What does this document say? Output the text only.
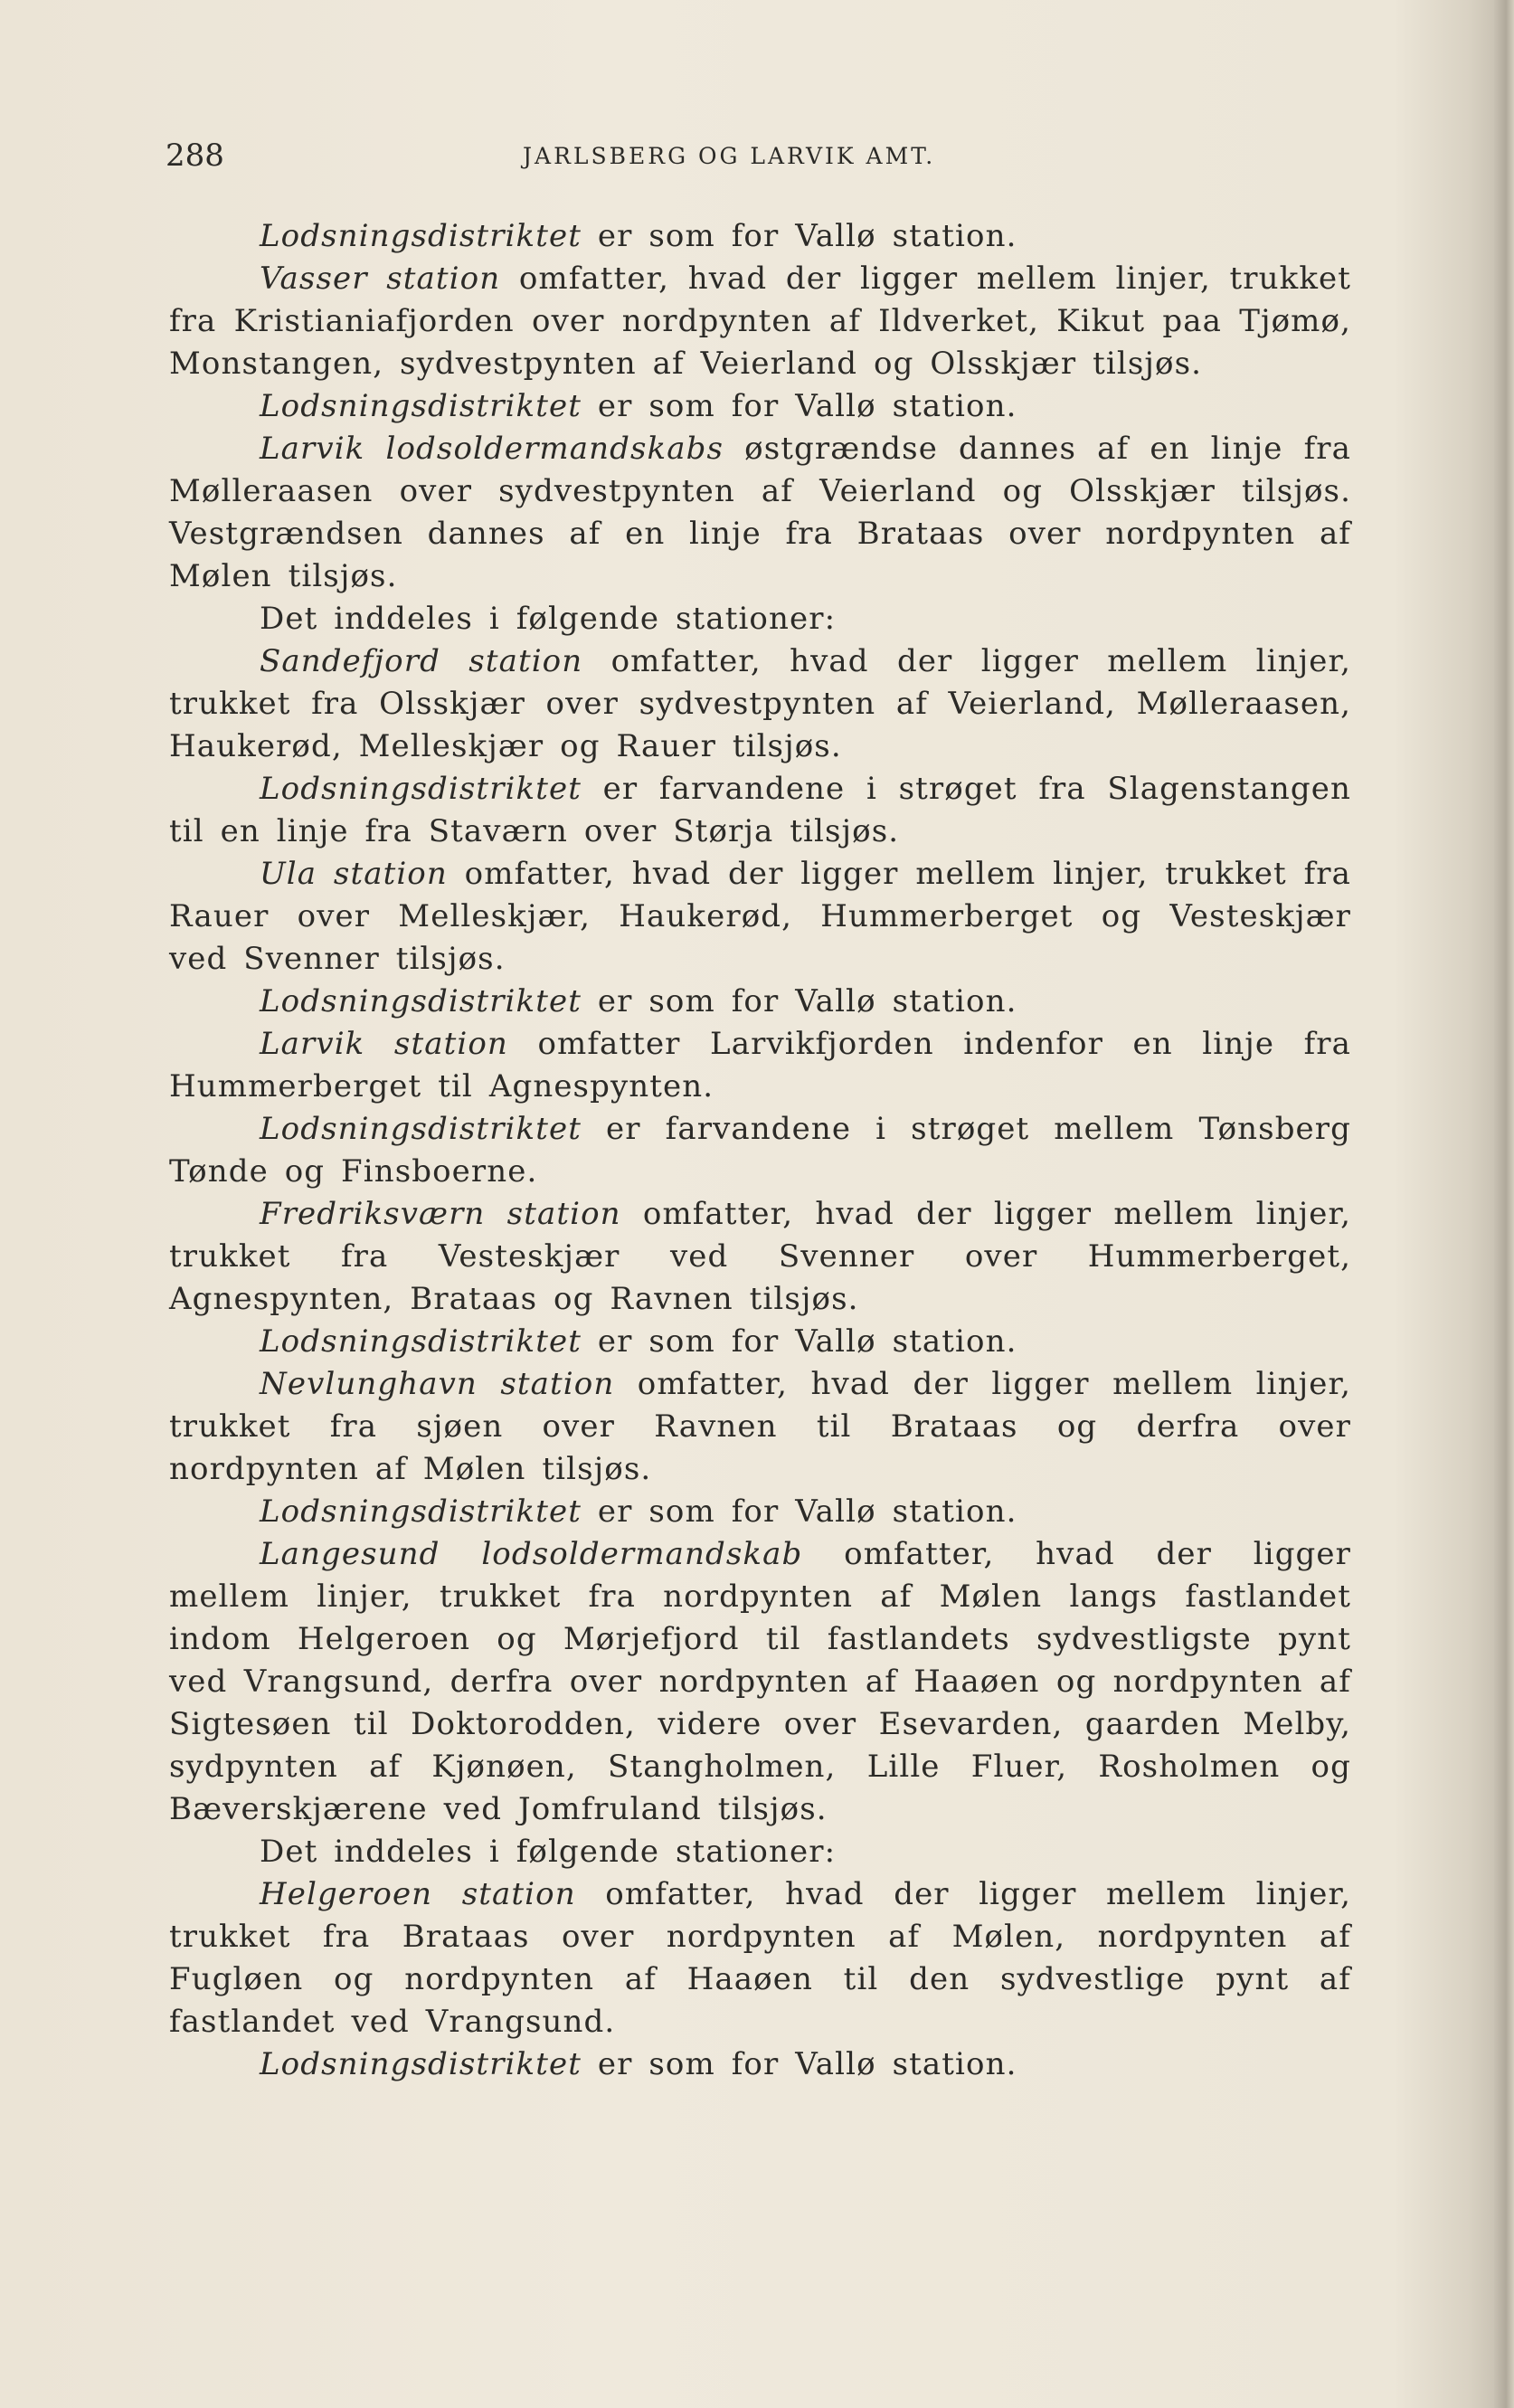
288	JARLSBERG OG LARVIK AMT.

Lodsningsdistriktet er som for Vallø station.

Vasser station omfatter, hvad der ligger mellem linjer, trukket fra Kristianiafjorden over nordpynten af Ildverket, Kikut paa Tjømø, Monstangen, sydvestpynten af Veierland og Olsskjær tilsjøs.

Lodsningsdistriktet er som for Vallø station.

Larvik lodsoldermandskabs østgrændse dannes af en linje fra Mølleraasen over sydvestpynten af Veierland og Olsskjær tilsjøs. Vestgrændsen dannes af en linje fra Brataas over nordpynten af Mølen tilsjøs.

Det inddeles i følgende stationer:

Sandefjord station omfatter, hvad der ligger mellem linjer, trukket fra Olsskjær over sydvestpynten af Veierland, Mølleraasen, Haukerød, Melleskjær og Rauer tilsjøs.

Lodsningsdistriktet er farvandene i strøget fra Slagenstangen til en linje fra Staværn over Størja tilsjøs.

Ula station omfatter, hvad der ligger mellem linjer, trukket fra Rauer over Melleskjær, Haukerød, Hummerberget og Vesteskjær ved Svenner tilsjøs.

Lodsningsdistriktet er som for Vallø station.

Larvik station omfatter Larvikfjorden indenfor en linje fra Hummerberget til Agnespynten.

Lodsningsdistriktet er farvandene i strøget mellem Tønsberg Tønde og Finsboerne.

Fredriksværn station omfatter, hvad der ligger mellem linjer, trukket fra Vesteskjær ved Svenner over Hummerberget, Agnespynten, Brataas og Ravnen tilsjøs.

Lodsningsdistriktet er som for Vallø station.

Nevlunghavn station omfatter, hvad der ligger mellem linjer, trukket fra sjøen over Ravnen til Brataas og derfra over nordpynten af Mølen tilsjøs.

Lodsningsdistriktet er som for Vallø station.

Langesund lodsoldermandskab omfatter, hvad der ligger mellem linjer, trukket fra nordpynten af Mølen langs fastlandet indom Helgeroen og Mørjefjord til fastlandets sydvestligste pynt ved Vrangsund, derfra over nordpynten af Haaøen og nordpynten af Sigtesøen til Doktorodden, videre over Esevarden, gaarden Melby, sydpynten af Kjønøen, Stangholmen, Lille Fluer, Rosholmen og Bæverskjærene ved Jomfruland tilsjøs.

Det inddeles i følgende stationer:

Helgeroen station omfatter, hvad der ligger mellem linjer, trukket fra Brataas over nordpynten af Mølen, nordpynten af Fugløen og nordpynten af Haaøen til den sydvestlige pynt af fastlandet ved Vrangsund.

Lodsningsdistriktet er som for Vallø station.
